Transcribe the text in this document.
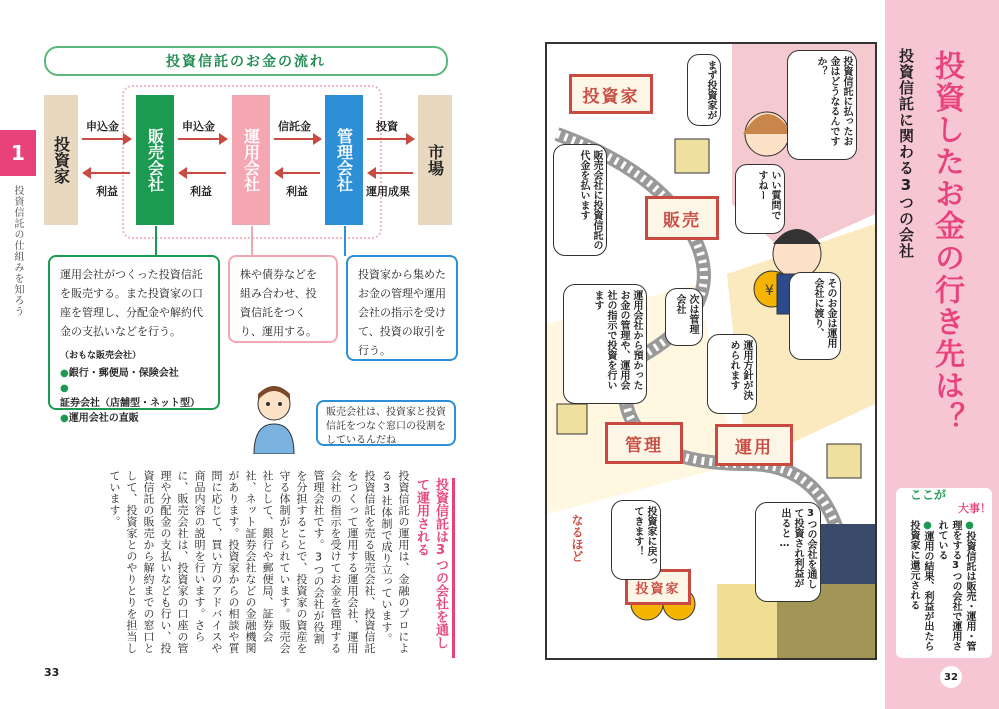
1
投資信託の仕組みを知ろう
投資信託のお金の流れ
投資家	販売会社	運用会社	管理会社	市場
申込金	申込金	信託金	投資
利益	利益	利益	運用成果
運用会社がつくった投資信託を販売する。また投資家の口座を管理し、分配金や解約代金の支払いなどを行う。
（おもな販売会社）
●銀行・郵便局・保険会社
●証券会社（店舗型・ネット型）
●運用会社の直販
株や債券などを組み合わせ、投資信託をつくり、運用する。
投資家から集めたお金の管理や運用会社の指示を受けて、投資の取引を行う。
販売会社は、投資家と投資信託をつなぐ窓口の役割をしているんだね
投資信託は3つの会社を通して運用される
投資信託の運用は、金融のプロによる3社体制で成り立っています。投資信託を売る販売会社、投資信託をつくって運用する運用会社、運用会社の指示を受けてお金を管理する管理会社です。3つの会社が役割を分担することで、投資家の資産を守る体制がとられています。販売会社として、銀行や郵便局、証券会社、ネット証券会社などの金融機関があります。投資家からの相談や質問に応じて、買い方のアドバイスや商品内容の説明を行います。さらに、販売会社は、投資家の口座の管理や分配金の支払いなども行い、投資信託の販売から解約までの窓口として、投資家とのやりとりを担当しています。
33
¥
投資家
販売
管理	運用
投資家
まず投資家が	投資信託に払ったお金はどうなるんですか？
販売会社に投資信託の代金を払います	いい質問ですねー
そのお金は運用会社に渡り、
次は管理会社
運用会社から預かったお金の管理や、運用会社の指示で投資を行います
運用方針が決められます
3つの会社を通して投資され利益が出ると…
投資家に戻ってきます！
なるほど
投資したお金の行き先は？
投資信託に関わる3つの会社
ここが
大事！
●投資信託は販売・運用・管理をする3つの会社で運用されている
●運用の結果、利益が出たら投資家に還元される
32
